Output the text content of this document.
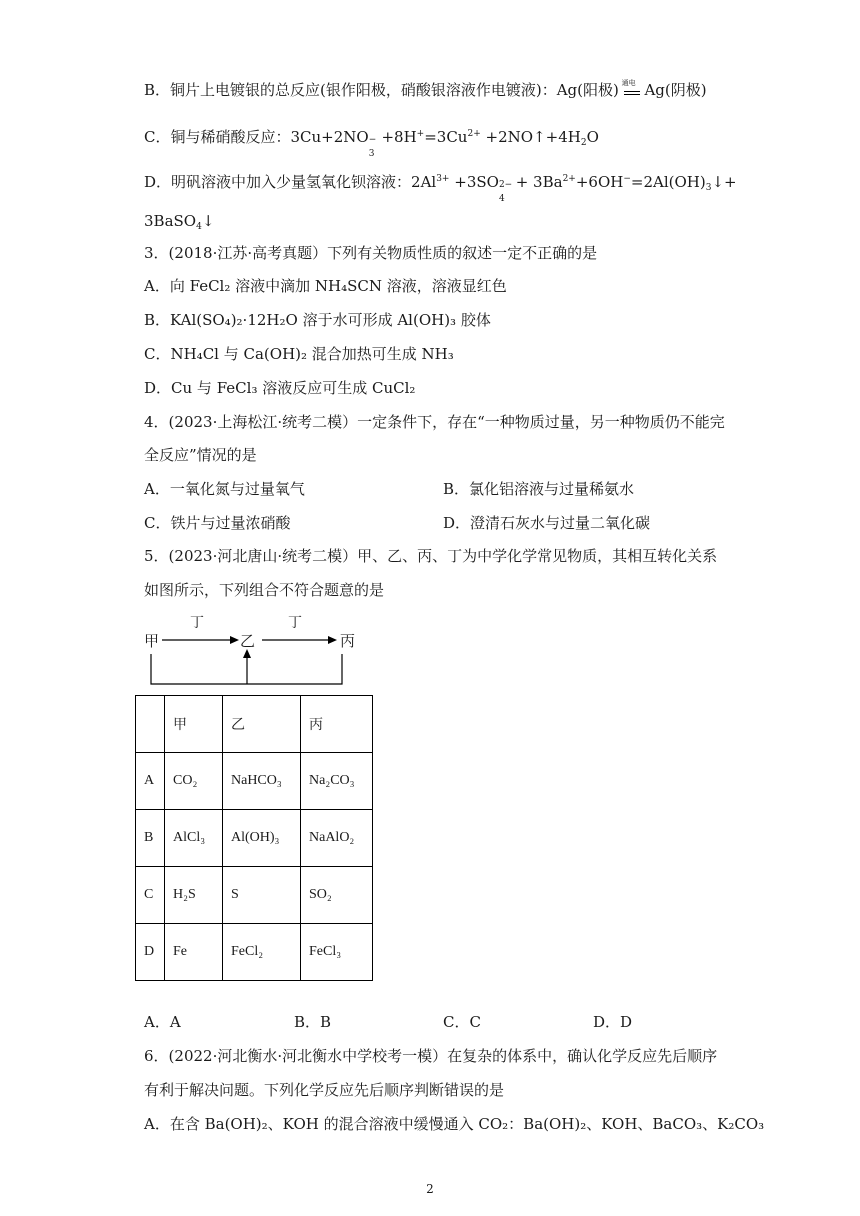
B．铜片上电镀银的总反应(银作阳极，硝酸银溶液作电镀液)：Ag(阳极) 通电 Ag(阴极)
C．铜与稀硝酸反应：3Cu+2NO −
3
$+8H^+=3Cu^{2+}$ $+2NO↑+4H_2O$
D．明矾溶液中加入少量氢氧化钡溶液：$2Al^{3+} +3SO$ 2−
4
+ $3Ba^{2+}+6OH^-=2Al(OH)_3↓+$
3BaSO$_4$↓
3．(2018·江苏·高考真题）下列有关物质性质的叙述一定不正确的是
A．向 FeCl₂ 溶液中滴加 NH₄SCN 溶液，溶液显红色
B．KAl(SO₄)₂·12H₂O 溶于水可形成 Al(OH)₃ 胶体
C．NH₄Cl 与 Ca(OH)₂ 混合加热可生成 NH₃
D．Cu 与 FeCl₃ 溶液反应可生成 CuCl₂
4．(2023·上海松江·统考二模）一定条件下，存在“一种物质过量，另一种物质仍不能完
全反应”情况的是
A．一氧化氮与过量氧气	B．氯化铝溶液与过量稀氨水
C．铁片与过量浓硝酸	D．澄清石灰水与过量二氧化碳
5．(2023·河北唐山·统考二模）甲、乙、丙、丁为中学化学常见物质，其相互转化关系
如图所示，下列组合不符合题意的是
甲	乙	丙
丁	丁
	甲	乙	丙
A	CO₂	NaHCO₃	Na₂CO₃
B	AlCl₃	Al(OH)₃	NaAlO₂
C	H₂S	S	SO₂
D	Fe	FeCl₂	FeCl₃
A．A	B．B	C．C	D．D
6．(2022·河北衡水·河北衡水中学校考一模）在复杂的体系中，确认化学反应先后顺序
有利于解决问题。下列化学反应先后顺序判断错误的是
A．在含 Ba(OH)₂、KOH 的混合溶液中缓慢通入 CO₂：Ba(OH)₂、KOH、BaCO₃、K₂CO₃
2
